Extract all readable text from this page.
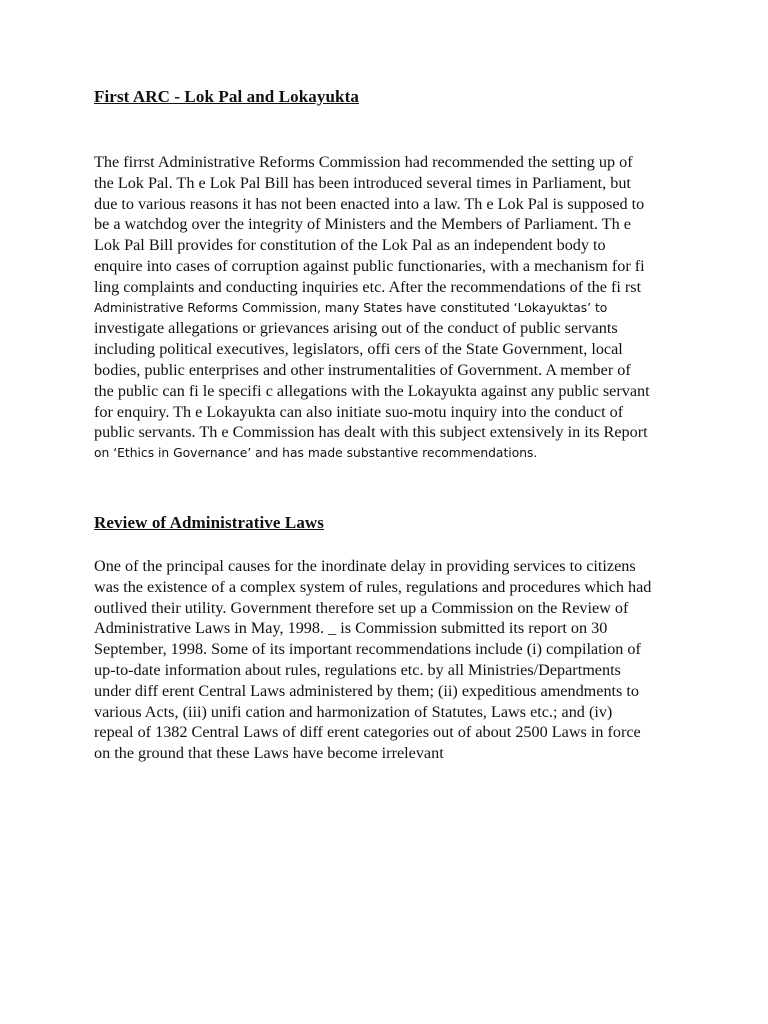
First ARC - Lok Pal and Lokayukta
The firrst Administrative Reforms Commission had recommended the setting up of
the Lok Pal. Th e Lok Pal Bill has been introduced several times in Parliament, but
due to various reasons it has not been enacted into a law. Th e Lok Pal is supposed to
be a watchdog over the integrity of Ministers and the Members of Parliament. Th e
Lok Pal Bill provides for constitution of the Lok Pal as an independent body to
enquire into cases of corruption against public functionaries, with a mechanism for fi
ling complaints and conducting inquiries etc. After the recommendations of the fi rst
Administrative Reforms Commission, many States have constituted ‘Lokayuktas’ to
investigate allegations or grievances arising out of the conduct of public servants
including political executives, legislators, offi cers of the State Government, local
bodies, public enterprises and other instrumentalities of Government. A member of
the public can fi le specifi c allegations with the Lokayukta against any public servant
for enquiry. Th e Lokayukta can also initiate suo-motu inquiry into the conduct of
public servants. Th e Commission has dealt with this subject extensively in its Report
on ‘Ethics in Governance’ and has made substantive recommendations.
Review of Administrative Laws
One of the principal causes for the inordinate delay in providing services to citizens
was the existence of a complex system of rules, regulations and procedures which had
outlived their utility. Government therefore set up a Commission on the Review of
Administrative Laws in May, 1998. _ is Commission submitted its report on 30
September, 1998. Some of its important recommendations include (i) compilation of
up-to-date information about rules, regulations etc. by all Ministries/Departments
under diff erent Central Laws administered by them; (ii) expeditious amendments to
various Acts, (iii) unifi cation and harmonization of Statutes, Laws etc.; and (iv)
repeal of 1382 Central Laws of diff erent categories out of about 2500 Laws in force
on the ground that these Laws have become irrelevant
